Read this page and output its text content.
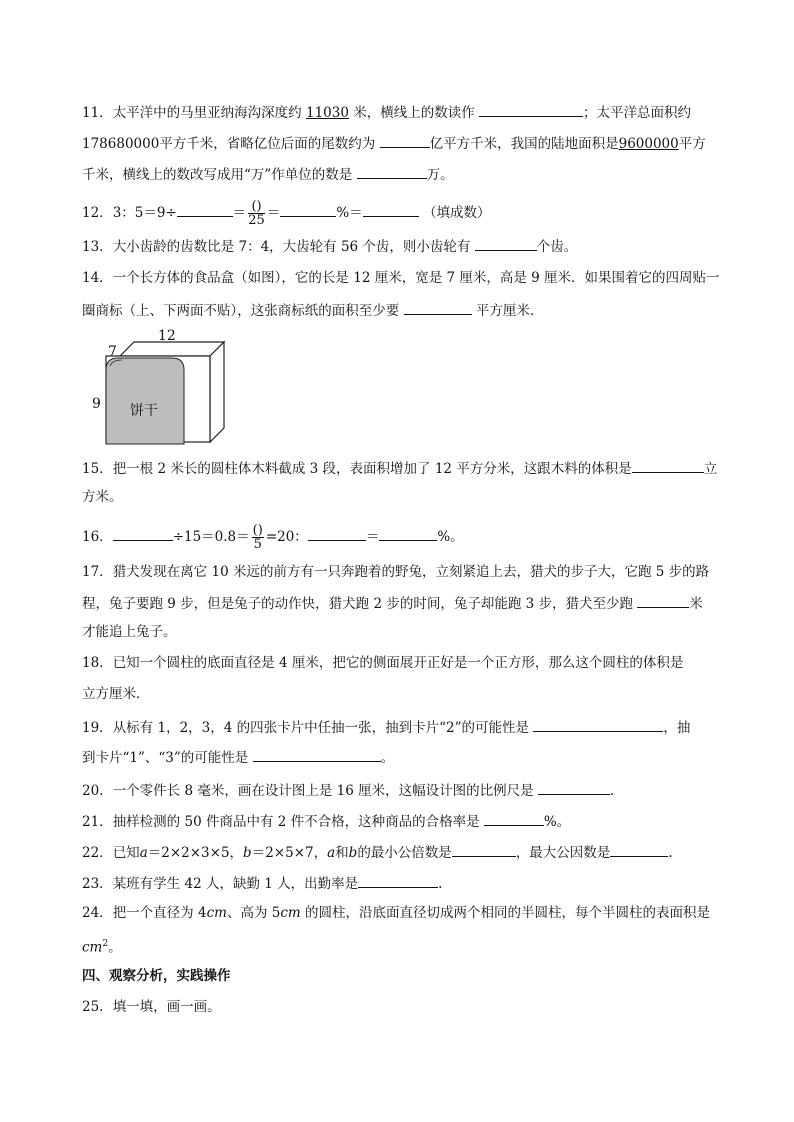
11．太平洋中的马里亚纳海沟深度约 11030 米，横线上的数读作	；太平洋总面积约
178680000平方千米，省略亿位后面的尾数约为	亿平方千米，我国的陆地面积是9600000平方
千米，横线上的数改写成用“万”作单位的数是	万。
12．3：5＝9÷	＝ $\frac{()}{25}$ ＝	%＝	（填成数）
13．大小齿龄的齿数比是 7：4，大齿轮有 56 个齿，则小齿轮有	个齿。
14．一个长方体的食品盒（如图），它的长是 12 厘米，宽是 7 厘米，高是 9 厘米．如果围着它的四周贴一
圈商标（上、下两面不贴），这张商标纸的面积至少要	平方厘米．
12
7
9 饼干
15．把一根 2 米长的圆柱体木料截成 3 段，表面积增加了 12 平方分米，这跟木料的体积是	立
方米。
16．	$\div 15=0.8= \frac{()}{5} =20$：	＝	%。
17．猎犬发现在离它 10 米远的前方有一只奔跑着的野兔，立刻紧追上去，猎犬的步子大，它跑 5 步的路
程，兔子要跑 9 步，但是兔子的动作快，猎犬跑 2 步的时间，兔子却能跑 3 步，猎犬至少跑	米
才能追上兔子。
18．已知一个圆柱的底面直径是 4 厘米，把它的侧面展开正好是一个正方形，那么这个圆柱的体积是
立方厘米．
19．从标有 1，2，3，4 的四张卡片中任抽一张，抽到卡片“2”的可能性是	，抽
到卡片“1”、“3”的可能性是	。
20．一个零件长 8 毫米，画在设计图上是 16 厘米，这幅设计图的比例尺是	.
21．抽样检测的 50 件商品中有 2 件不合格，这种商品的合格率是	%。
22．已知a＝2×2×3×5，b＝2×5×7，a和b的最小公倍数是	，最大公因数是	.
23．某班有学生 42 人，缺勤 1 人，出勤率是	.
24．把一个直径为 4cm、高为 5cm 的圆柱，沿底面直径切成两个相同的半圆柱，每个半圆柱的表面积是
$cm^2$。
四、观察分析，实践操作
25．填一填，画一画。
